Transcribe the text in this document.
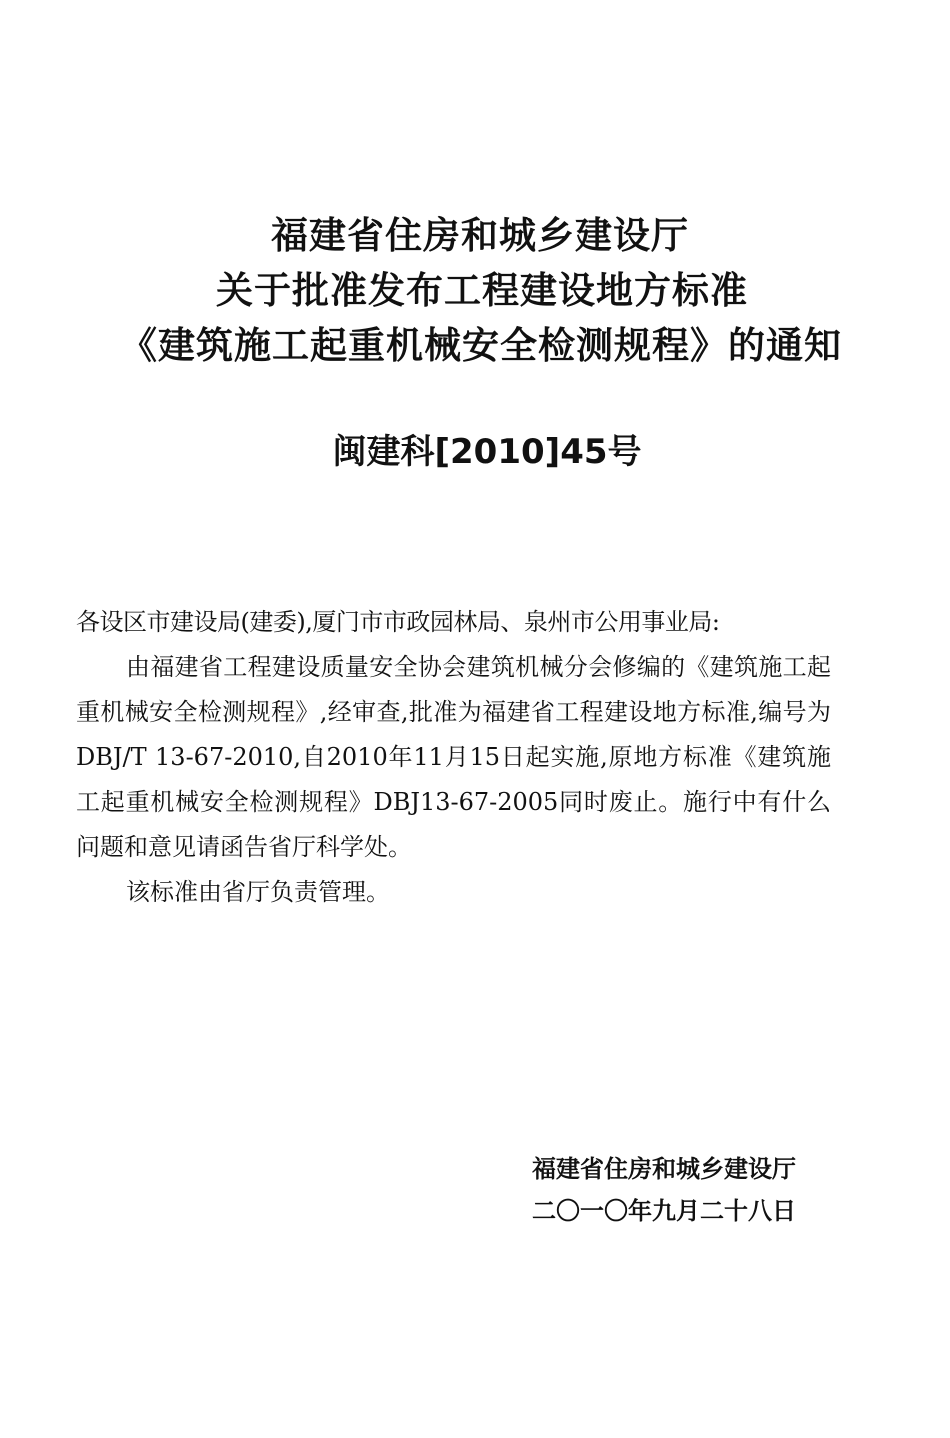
福建省住房和城乡建设厅
关于批准发布工程建设地方标准
《建筑施工起重机械安全检测规程》的通知
闽建科[2010]45号

各设区市建设局(建委),厦门市市政园林局、泉州市公用事业局:

由福建省工程建设质量安全协会建筑机械分会修编的《建筑施工起重机械安全检测规程》,经审查,批准为福建省工程建设地方标准,编号为DBJ/T 13-67-2010,自2010年11月15日起实施,原地方标准《建筑施工起重机械安全检测规程》DBJ13-67-2005同时废止。施行中有什么问题和意见请函告省厅科学处。

该标准由省厅负责管理。

福建省住房和城乡建设厅
二〇一〇年九月二十八日
